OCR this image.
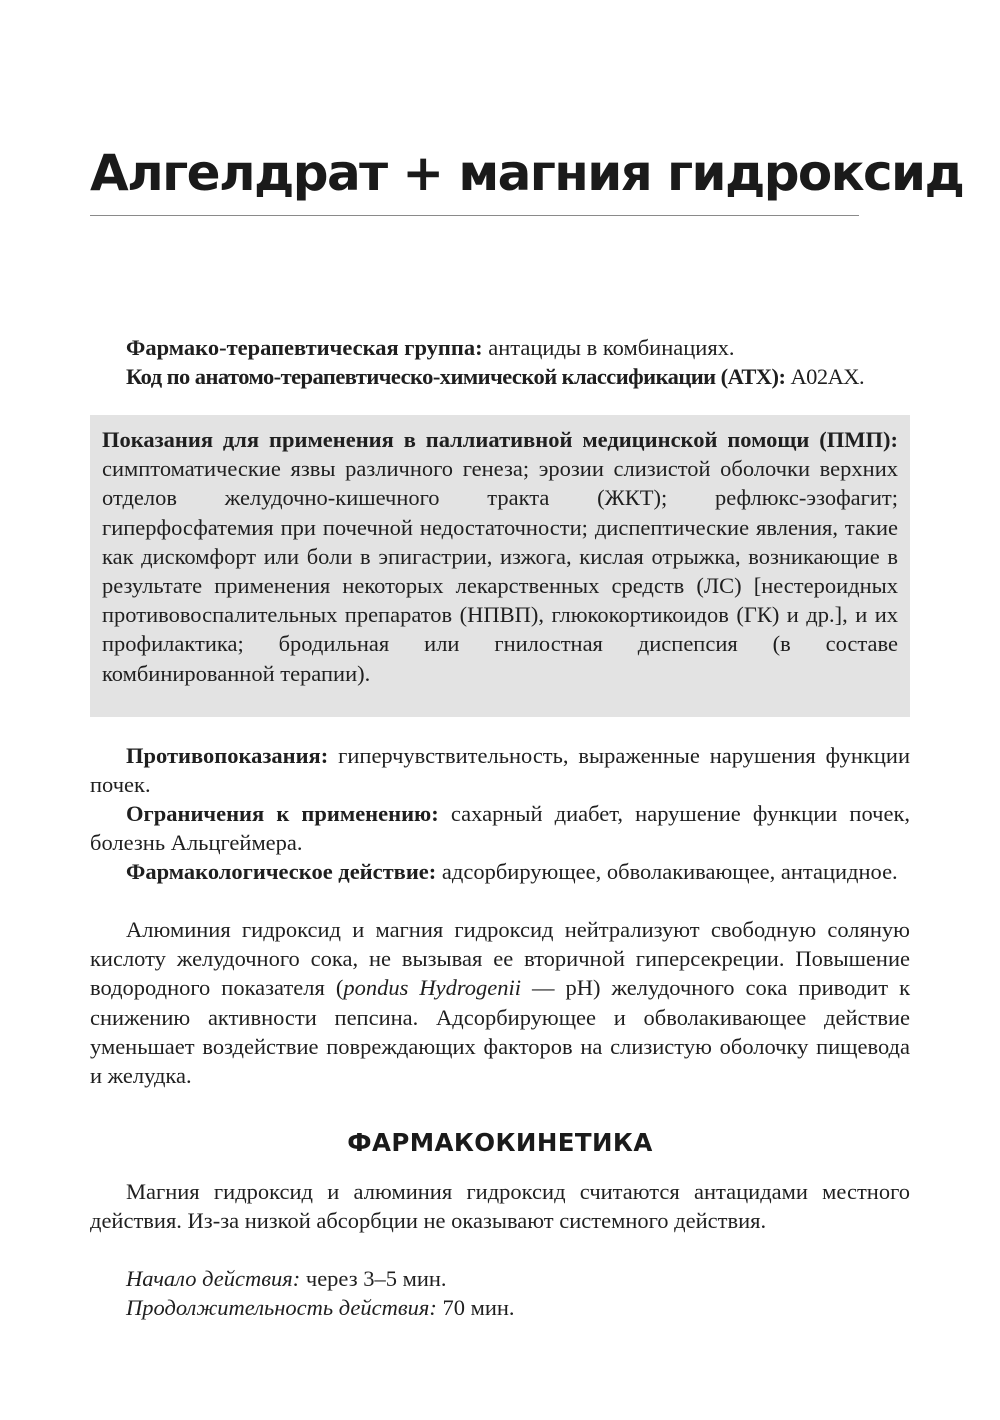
Алгелдрат + магния гидроксид

Фармако-терапевтическая группа: антациды в комбинациях.

Код по анатомо-терапевтическо-химической классификации (АТХ): A02AX.

Показания для применения в паллиативной медицинской помощи (ПМП): симптоматические язвы различного генеза; эрозии слизистой оболочки верхних отделов желудочно-кишечного тракта (ЖКТ); рефлюкс-эзофагит; гиперфосфатемия при почечной недостаточности; диспептические явления, такие как дискомфорт или боли в эпигастрии, изжога, кислая отрыжка, возникающие в результате применения некоторых лекарственных средств (ЛС) [нестероидных противовоспалительных препаратов (НПВП), глюкокортикоидов (ГК) и др.], и их профилактика; бродильная или гнилостная диспепсия (в составе комбинированной терапии).

Противопоказания: гиперчувствительность, выраженные нарушения функции почек.

Ограничения к применению: сахарный диабет, нарушение функции почек, болезнь Альцгеймера.

Фармакологическое действие: адсорбирующее, обволакивающее, антацидное.

Алюминия гидроксид и магния гидроксид нейтрализуют свободную соляную кислоту желудочного сока, не вызывая ее вторичной гиперсекреции. Повышение водородного показателя (pondus Hydrogenii — pH) желудочного сока приводит к снижению активности пепсина. Адсорбирующее и обволакивающее действие уменьшает воздействие повреждающих факторов на слизистую оболочку пищевода и желудка.

ФАРМАКОКИНЕТИКА

Магния гидроксид и алюминия гидроксид считаются антацидами местного действия. Из-за низкой абсорбции не оказывают системного действия.

Начало действия: через 3–5 мин.

Продолжительность действия: 70 мин.
